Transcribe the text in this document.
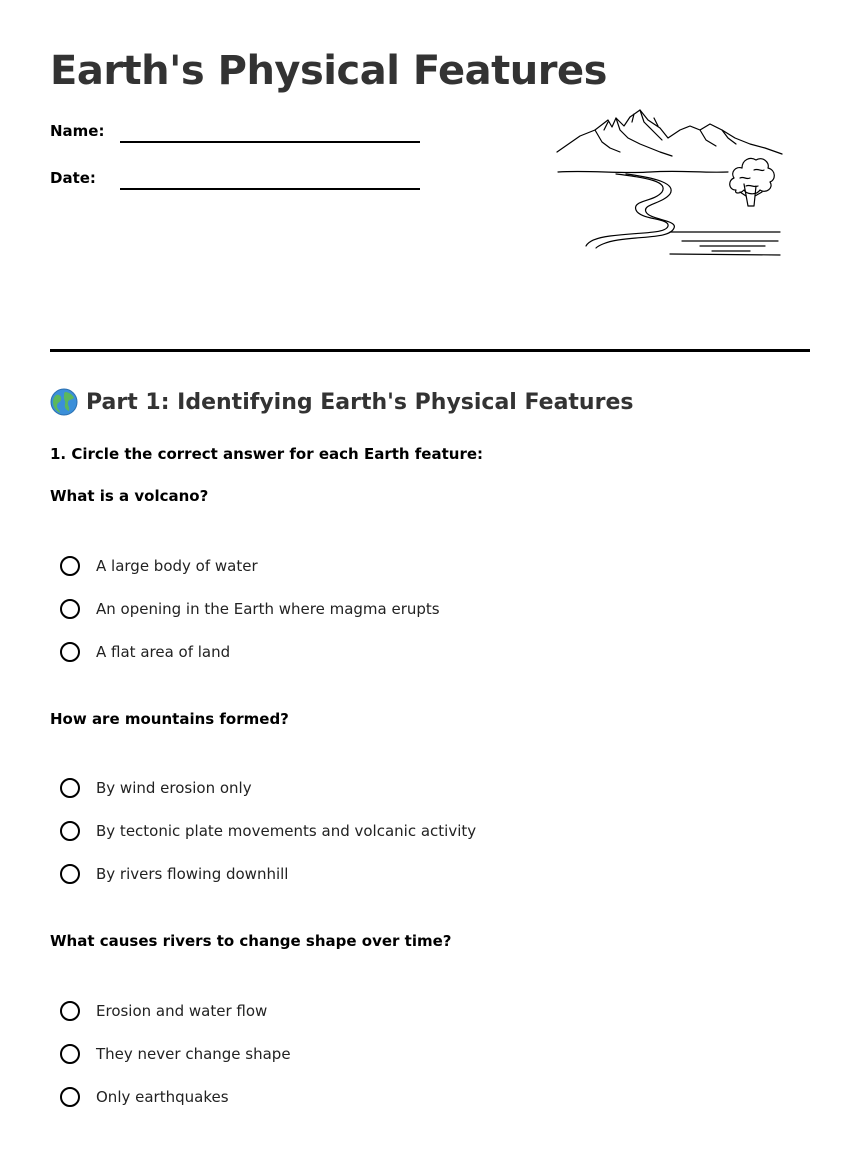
Earth's Physical Features
Name:
Date:
Part 1: Identifying Earth's Physical Features
1. Circle the correct answer for each Earth feature:
What is a volcano?
A large body of water
An opening in the Earth where magma erupts
A flat area of land
How are mountains formed?
By wind erosion only
By tectonic plate movements and volcanic activity
By rivers flowing downhill
What causes rivers to change shape over time?
Erosion and water flow
They never change shape
Only earthquakes
